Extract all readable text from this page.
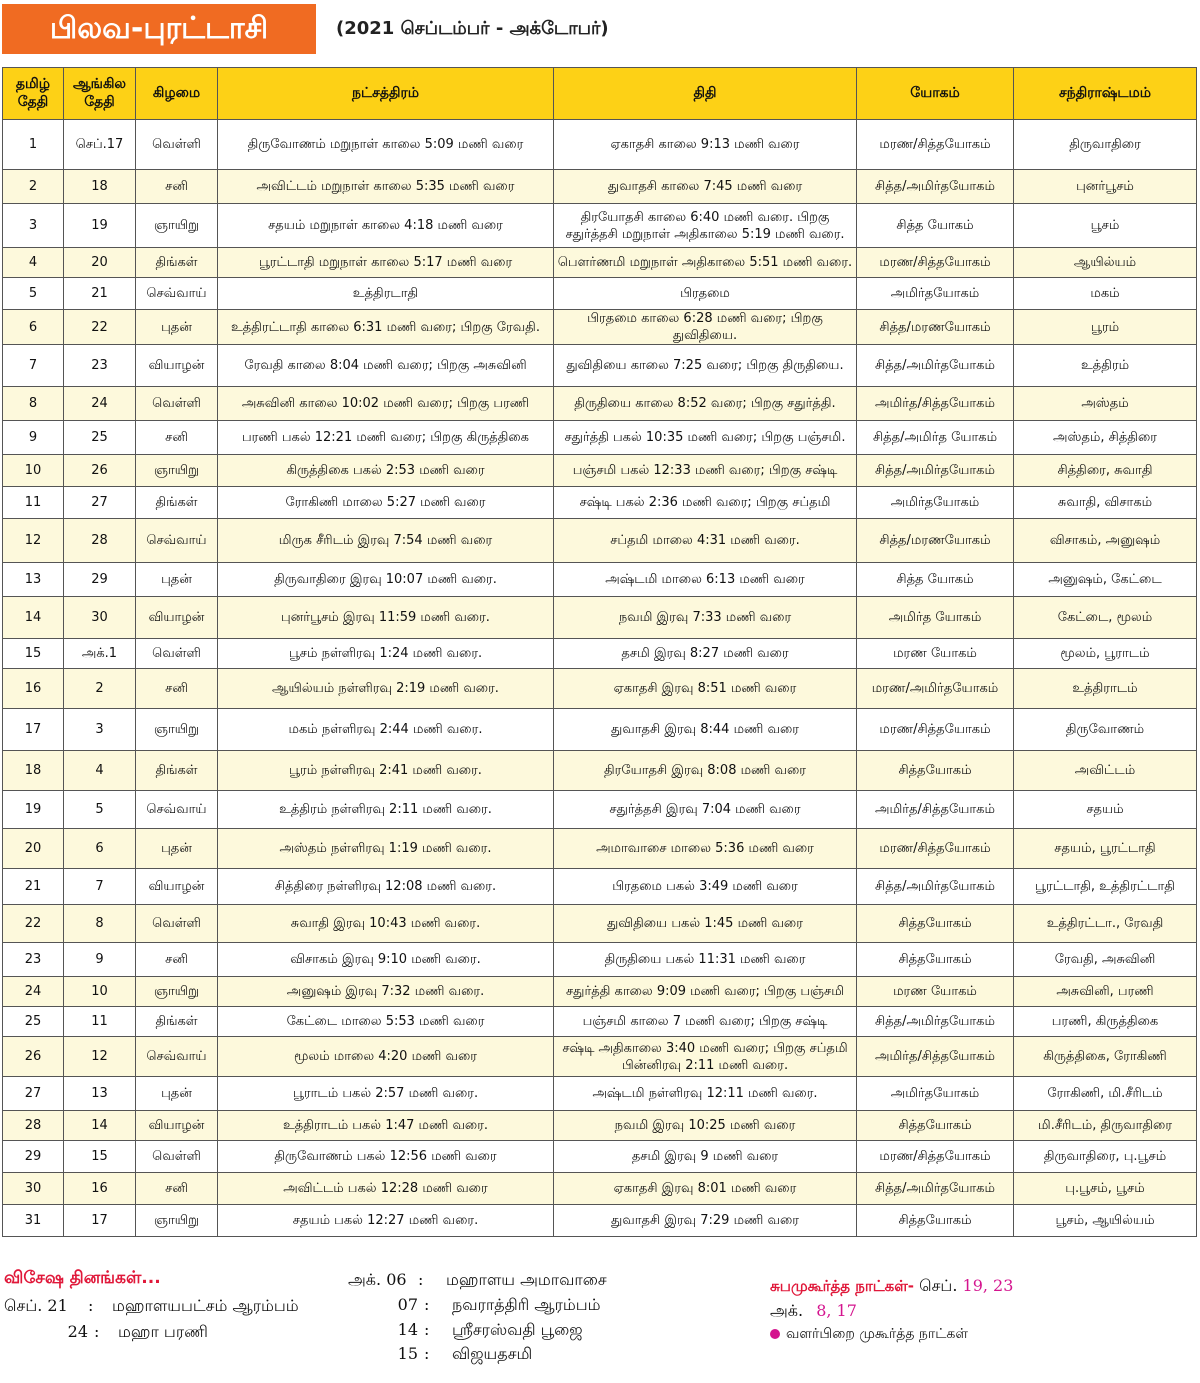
பிலவ-புரட்டாசி	(2021 செப்டம்பர் - அக்டோபர்)
தமிழ் தேதி	ஆங்கில தேதி	கிழமை	நட்சத்திரம்	திதி	யோகம்	சந்திராஷ்டமம்
1	செப்.17	வெள்ளி	திருவோணம் மறுநாள் காலை 5:09 மணி வரை	ஏகாதசி காலை 9:13 மணி வரை	மரண/சித்தயோகம்	திருவாதிரை
2	18	சனி	அவிட்டம் மறுநாள் காலை 5:35 மணி வரை	துவாதசி காலை 7:45 மணி வரை	சித்த/அமிர்தயோகம்	புனர்பூசம்
3	19	ஞாயிறு	சதயம் மறுநாள் காலை 4:18 மணி வரை	திரயோதசி காலை 6:40 மணி வரை. பிறகு சதுர்த்தசி மறுநாள் அதிகாலை 5:19 மணி வரை.	சித்த யோகம்	பூசம்
4	20	திங்கள்	பூரட்டாதி மறுநாள் காலை 5:17 மணி வரை	பௌர்ணமி மறுநாள் அதிகாலை 5:51 மணி வரை.	மரண/சித்தயோகம்	ஆயில்யம்
5	21	செவ்வாய்	உத்திரடாதி	பிரதமை	அமிர்தயோகம்	மகம்
6	22	புதன்	உத்திரட்டாதி காலை 6:31 மணி வரை; பிறகு ரேவதி.	பிரதமை காலை 6:28 மணி வரை; பிறகு துவிதியை.	சித்த/மரணயோகம்	பூரம்
7	23	வியாழன்	ரேவதி காலை 8:04 மணி வரை; பிறகு அசுவினி	துவிதியை காலை 7:25 வரை; பிறகு திருதியை.	சித்த/அமிர்தயோகம்	உத்திரம்
8	24	வெள்ளி	அசுவினி காலை 10:02 மணி வரை; பிறகு பரணி	திருதியை காலை 8:52 வரை; பிறகு சதுர்த்தி.	அமிர்த/சித்தயோகம்	அஸ்தம்
9	25	சனி	பரணி பகல் 12:21 மணி வரை; பிறகு கிருத்திகை	சதுர்த்தி பகல் 10:35 மணி வரை; பிறகு பஞ்சமி.	சித்த/அமிர்த யோகம்	அஸ்தம், சித்திரை
10	26	ஞாயிறு	கிருத்திகை பகல் 2:53 மணி வரை	பஞ்சமி பகல் 12:33 மணி வரை; பிறகு சஷ்டி	சித்த/அமிர்தயோகம்	சித்திரை, சுவாதி
11	27	திங்கள்	ரோகிணி மாலை 5:27 மணி வரை	சஷ்டி பகல் 2:36 மணி வரை; பிறகு சப்தமி	அமிர்தயோகம்	சுவாதி, விசாகம்
12	28	செவ்வாய்	மிருக சீரிடம் இரவு 7:54 மணி வரை	சப்தமி மாலை 4:31 மணி வரை.	சித்த/மரணயோகம்	விசாகம், அனுஷம்
13	29	புதன்	திருவாதிரை இரவு 10:07 மணி வரை.	அஷ்டமி மாலை 6:13 மணி வரை	சித்த யோகம்	அனுஷம், கேட்டை
14	30	வியாழன்	புனர்பூசம் இரவு 11:59 மணி வரை.	நவமி இரவு 7:33 மணி வரை	அமிர்த யோகம்	கேட்டை, மூலம்
15	அக்.1	வெள்ளி	பூசம் நள்ளிரவு 1:24 மணி வரை.	தசமி இரவு 8:27 மணி வரை	மரண யோகம்	மூலம், பூராடம்
16	2	சனி	ஆயில்யம் நள்ளிரவு 2:19 மணி வரை.	ஏகாதசி இரவு 8:51 மணி வரை	மரண/அமிர்தயோகம்	உத்திராடம்
17	3	ஞாயிறு	மகம் நள்ளிரவு 2:44 மணி வரை.	துவாதசி இரவு 8:44 மணி வரை	மரண/சித்தயோகம்	திருவோணம்
18	4	திங்கள்	பூரம் நள்ளிரவு 2:41 மணி வரை.	திரயோதசி இரவு 8:08 மணி வரை	சித்தயோகம்	அவிட்டம்
19	5	செவ்வாய்	உத்திரம் நள்ளிரவு 2:11 மணி வரை.	சதுர்த்தசி இரவு 7:04 மணி வரை	அமிர்த/சித்தயோகம்	சதயம்
20	6	புதன்	அஸ்தம் நள்ளிரவு 1:19 மணி வரை.	அமாவாசை மாலை 5:36 மணி வரை	மரண/சித்தயோகம்	சதயம், பூரட்டாதி
21	7	வியாழன்	சித்திரை நள்ளிரவு 12:08 மணி வரை.	பிரதமை பகல் 3:49 மணி வரை	சித்த/அமிர்தயோகம்	பூரட்டாதி, உத்திரட்டாதி
22	8	வெள்ளி	சுவாதி இரவு 10:43 மணி வரை.	துவிதியை பகல் 1:45 மணி வரை	சித்தயோகம்	உத்திரட்டா., ரேவதி
23	9	சனி	விசாகம் இரவு 9:10 மணி வரை.	திருதியை பகல் 11:31 மணி வரை	சித்தயோகம்	ரேவதி, அசுவினி
24	10	ஞாயிறு	அனுஷம் இரவு 7:32 மணி வரை.	சதுர்த்தி காலை 9:09 மணி வரை; பிறகு பஞ்சமி	மரண யோகம்	அசுவினி, பரணி
25	11	திங்கள்	கேட்டை மாலை 5:53 மணி வரை	பஞ்சமி காலை 7 மணி வரை; பிறகு சஷ்டி	சித்த/அமிர்தயோகம்	பரணி, கிருத்திகை
26	12	செவ்வாய்	மூலம் மாலை 4:20 மணி வரை	சஷ்டி அதிகாலை 3:40 மணி வரை; பிறகு சப்தமி பின்னிரவு 2:11 மணி வரை.	அமிர்த/சித்தயோகம்	கிருத்திகை, ரோகிணி
27	13	புதன்	பூராடம் பகல் 2:57 மணி வரை.	அஷ்டமி நள்ளிரவு 12:11 மணி வரை.	அமிர்தயோகம்	ரோகிணி, மி.சீரிடம்
28	14	வியாழன்	உத்திராடம் பகல் 1:47 மணி வரை.	நவமி இரவு 10:25 மணி வரை	சித்தயோகம்	மி.சீரிடம், திருவாதிரை
29	15	வெள்ளி	திருவோணம் பகல் 12:56 மணி வரை	தசமி இரவு 9 மணி வரை	மரண/சித்தயோகம்	திருவாதிரை, பு.பூசம்
30	16	சனி	அவிட்டம் பகல் 12:28 மணி வரை	ஏகாதசி இரவு 8:01 மணி வரை	சித்த/அமிர்தயோகம்	பு.பூசம், பூசம்
31	17	ஞாயிறு	சதயம் பகல் 12:27 மணி வரை.	துவாதசி இரவு 7:29 மணி வரை	சித்தயோகம்	பூசம், ஆயில்யம்
விசேஷ தினங்கள்...
செப். 21 : மஹாளயபட்சம் ஆரம்பம்
24 : மஹா பரணி
அக். 06 : மஹாளய அமாவாசை
07 : நவராத்திரி ஆரம்பம்
14 : ஸ்ரீசரஸ்வதி பூஜை
15 : விஜயதசமி
சுபமுகூர்த்த நாட்கள்- செப். 19, 23
அக். 8, 17
வளர்பிறை முகூர்த்த நாட்கள்
